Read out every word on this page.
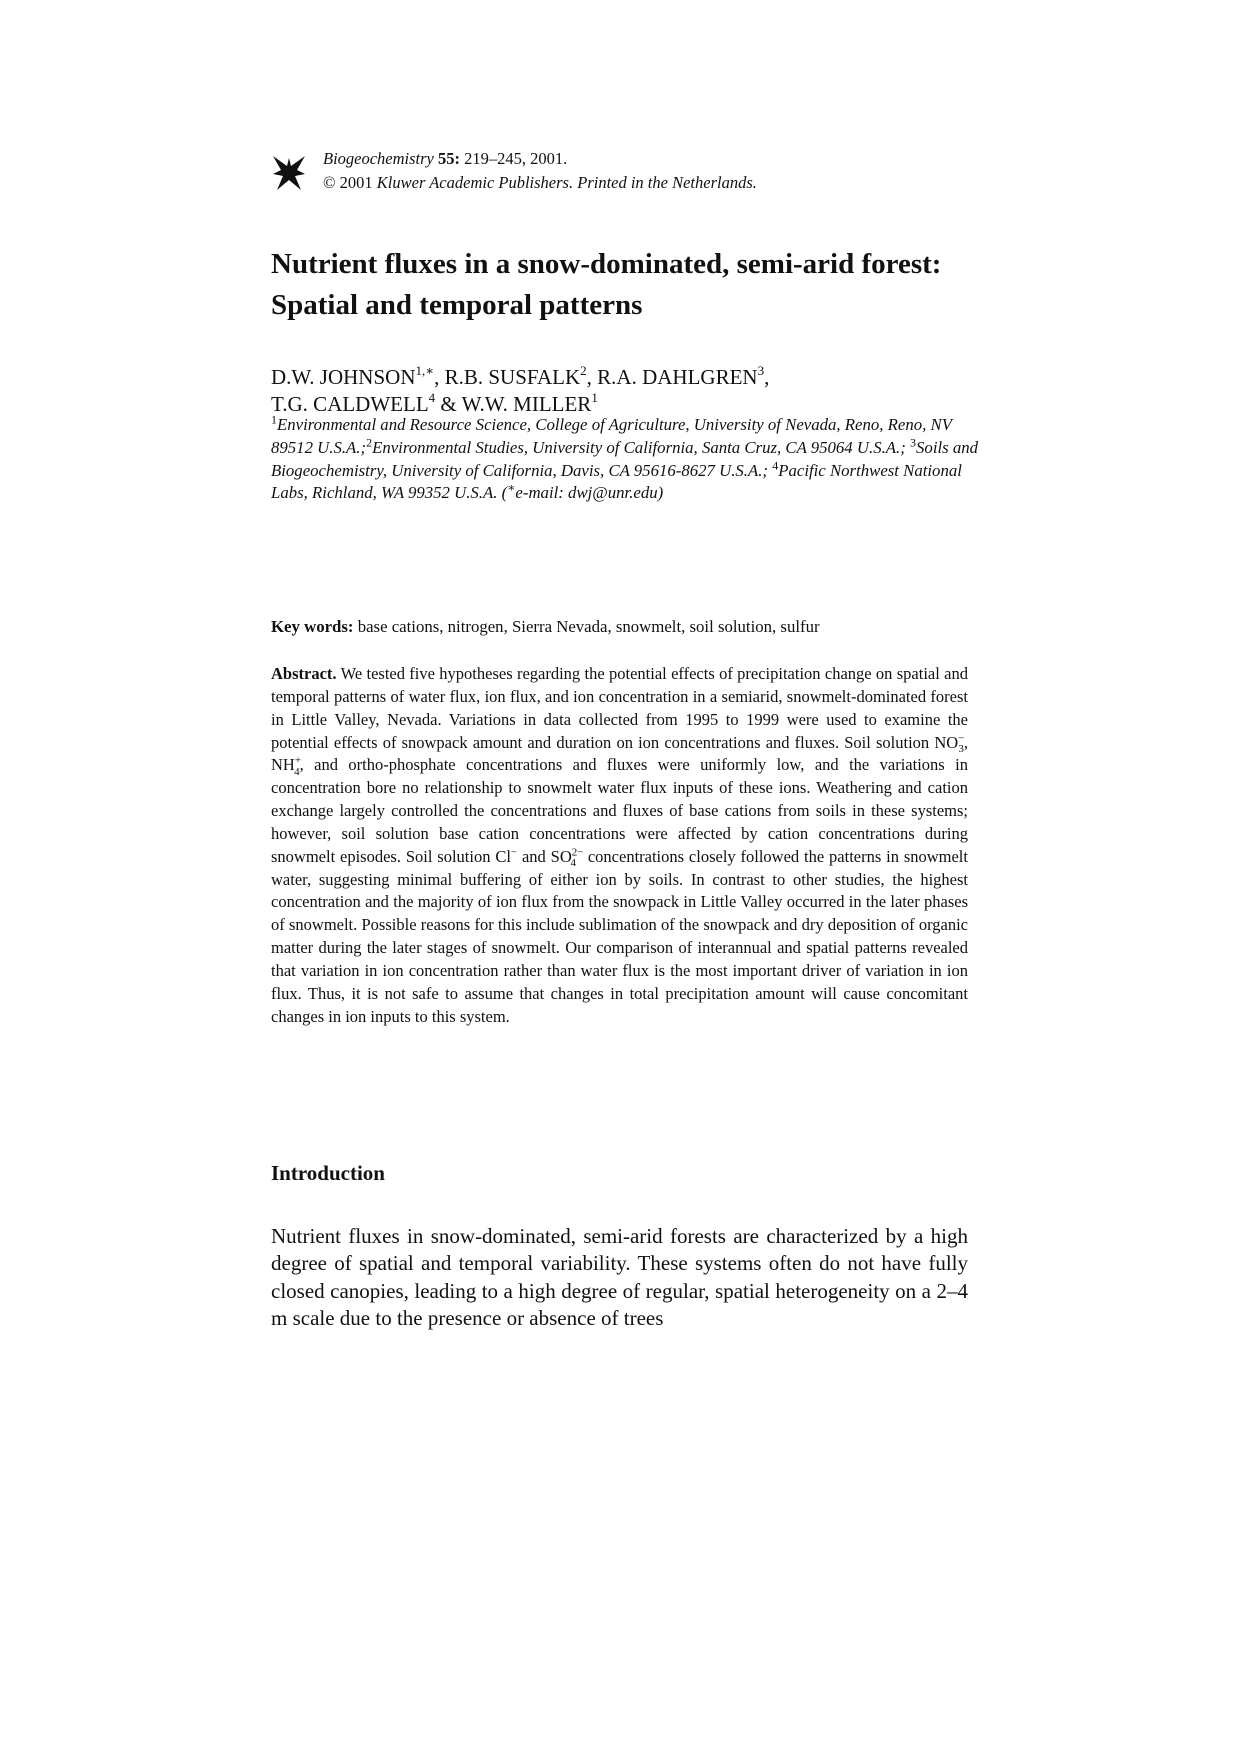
Biogeochemistry 55: 219–245, 2001.
© 2001 Kluwer Academic Publishers. Printed in the Netherlands.
Nutrient fluxes in a snow-dominated, semi-arid forest:
Spatial and temporal patterns
D.W. $JOHNSON^{1,∗}$, R.B. SUSFALK$^2$, R.A. DAHLGREN$^3$,
T.G. CALDWELL$^4$ & W.W. MILLER$^1$
$^1$Environmental and Resource Science, College of Agriculture, University of Nevada, Reno, Reno, NV 89512 U.S.A.;$^2$Environmental Studies, University of California, Santa Cruz, CA 95064 U.S.A.; $^3$Soils and Biogeochemistry, University of California, Davis, CA 95616-8627 U.S.A.; $^4$Pacific Northwest National Labs, Richland, WA 99352 U.S.A. (∗e-mail: dwj@unr.edu)
Key words: base cations, nitrogen, Sierra Nevada, snowmelt, soil solution, sulfur

Abstract. We tested five hypotheses regarding the potential effects of precipitation change on spatial and temporal patterns of water flux, ion flux, and ion concentration in a semiarid, snowmelt-dominated forest in Little Valley, Nevada. Variations in data collected from 1995 to 1999 were used to examine the potential effects of snowpack amount and duration on ion concentrations and fluxes. Soil solution $NO^-_3$, $NH^+_4$, and ortho-phosphate concentrations and fluxes were uniformly low, and the variations in concentration bore no relationship to snowmelt water flux inputs of these ions. Weathering and cation exchange largely controlled the concentrations and fluxes of base cations from soils in these systems; however, soil solution base cation concentrations were affected by cation concentrations during snowmelt episodes. Soil solution Cl− and $SO^{2-}_4$ concentrations closely followed the patterns in snowmelt water, suggesting minimal buffering of either ion by soils. In contrast to other studies, the highest concentration and the majority of ion flux from the snowpack in Little Valley occurred in the later phases of snowmelt. Possible reasons for this include sublimation of the snowpack and dry deposition of organic matter during the later stages of snowmelt. Our comparison of interannual and spatial patterns revealed that variation in ion concentration rather than water flux is the most important driver of variation in ion flux. Thus, it is not safe to assume that changes in total precipitation amount will cause concomitant changes in ion inputs to this system.

Introduction

Nutrient fluxes in snow-dominated, semi-arid forests are characterized by a high degree of spatial and temporal variability. These systems often do not have fully closed canopies, leading to a high degree of regular, spatial heterogeneity on a 2–4 m scale due to the presence or absence of trees
